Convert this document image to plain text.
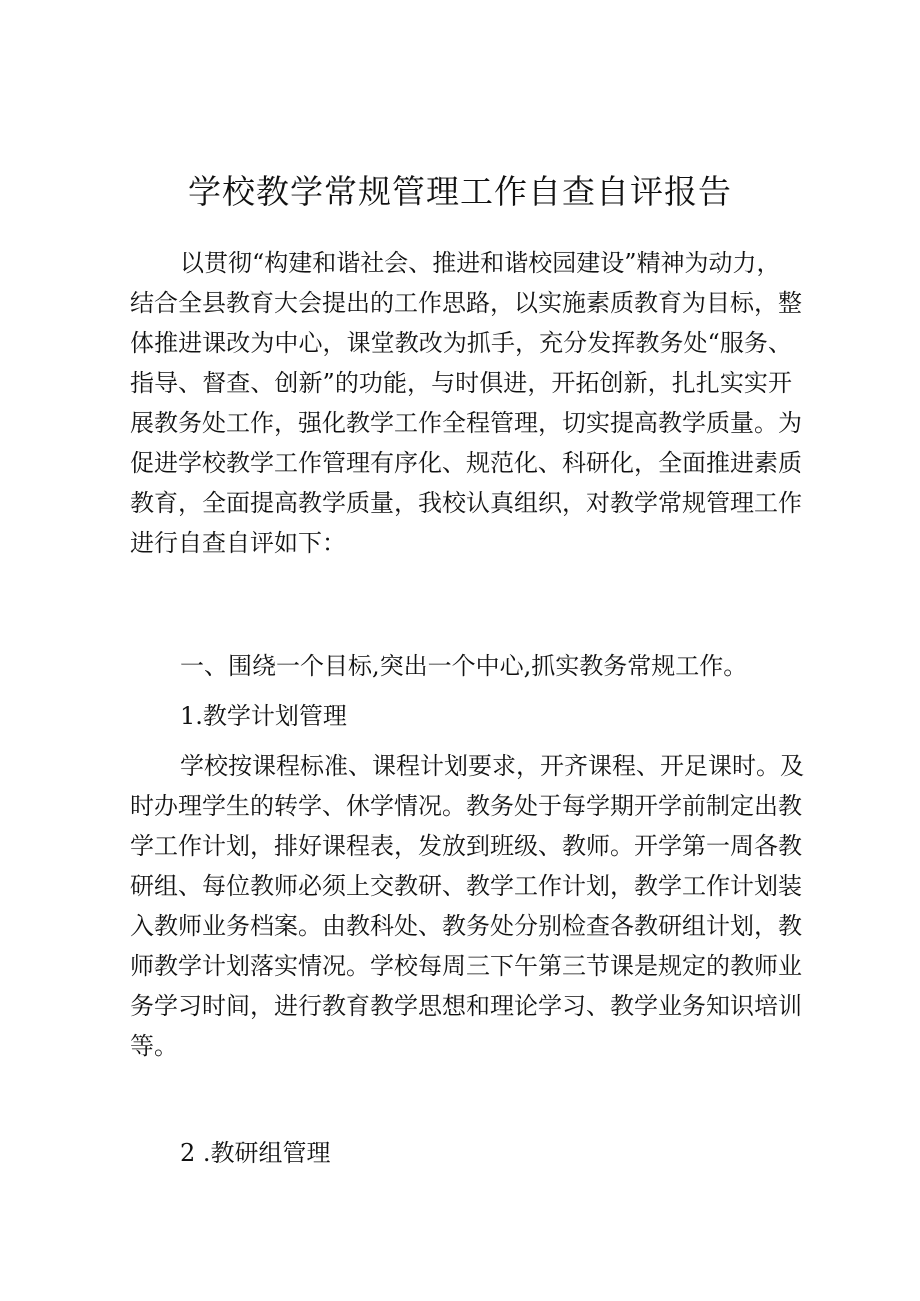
学校教学常规管理工作自查自评报告
以贯彻“构建和谐社会、推进和谐校园建设”精神为动力，
结合全县教育大会提出的工作思路，以实施素质教育为目标，整
体推进课改为中心，课堂教改为抓手，充分发挥教务处“服务、
指导、督查、创新”的功能，与时俱进，开拓创新，扎扎实实开
展教务处工作，强化教学工作全程管理，切实提高教学质量。为
促进学校教学工作管理有序化、规范化、科研化，全面推进素质
教育，全面提高教学质量，我校认真组织，对教学常规管理工作
进行自查自评如下：
一、围绕一个目标,突出一个中心,抓实教务常规工作。
1.教学计划管理
学校按课程标准、课程计划要求，开齐课程、开足课时。及
时办理学生的转学、休学情况。教务处于每学期开学前制定出教
学工作计划，排好课程表，发放到班级、教师。开学第一周各教
研组、每位教师必须上交教研、教学工作计划，教学工作计划装
入教师业务档案。由教科处、教务处分别检查各教研组计划，教
师教学计划落实情况。学校每周三下午第三节课是规定的教师业
务学习时间，进行教育教学思想和理论学习、教学业务知识培训
等。
2 .教研组管理
